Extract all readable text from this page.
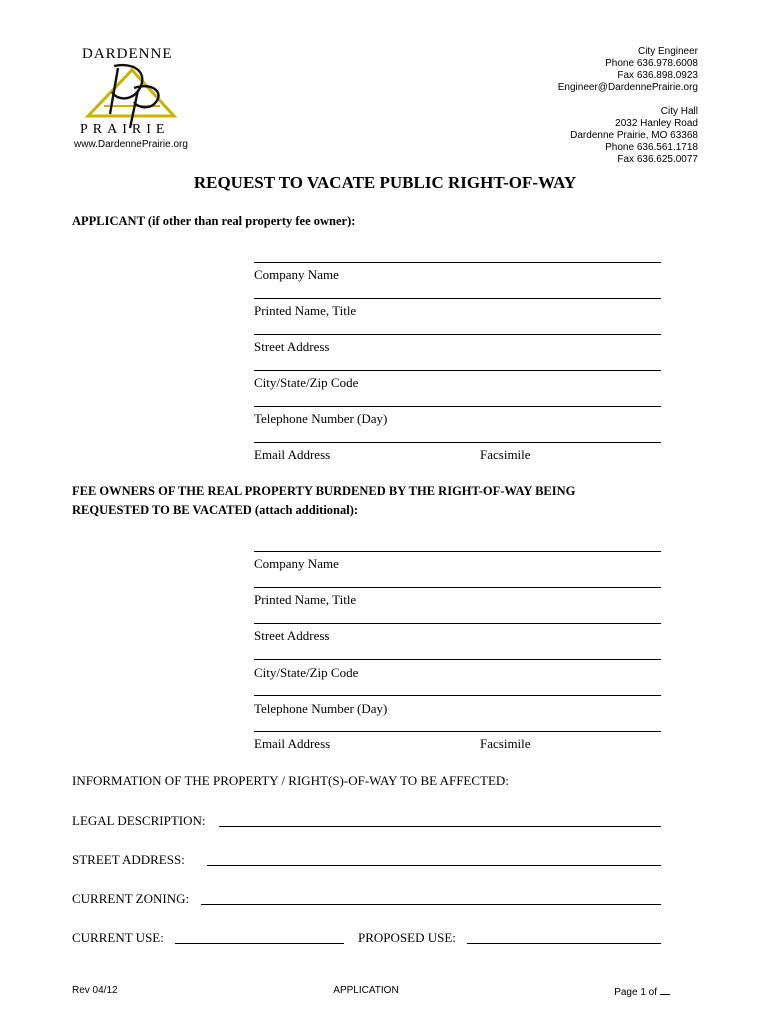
DARDENNE
PRAIRIE
www.DardennePrairie.org
City Engineer
Phone 636.978.6008
Fax 636.898.0923
Engineer@DardennePrairie.org
City Hall
2032 Hanley Road
Dardenne Prairie, MO 63368
Phone 636.561.1718
Fax 636.625.0077
REQUEST TO VACATE PUBLIC RIGHT-OF-WAY
APPLICANT (if other than real property fee owner):
Company Name
Printed Name, Title
Street Address
City/State/Zip Code
Telephone Number (Day)
Email Address	Facsimile
FEE OWNERS OF THE REAL PROPERTY BURDENED BY THE RIGHT-OF-WAY BEING
REQUESTED TO BE VACATED (attach additional):
Company Name
Printed Name, Title
Street Address
City/State/Zip Code
Telephone Number (Day)
Email Address	Facsimile
INFORMATION OF THE PROPERTY / RIGHT(S)-OF-WAY TO BE AFFECTED:
LEGAL DESCRIPTION:
STREET ADDRESS:
CURRENT ZONING:
CURRENT USE:	PROPOSED USE:
Rev 04/12	APPLICATION	Page 1 of
